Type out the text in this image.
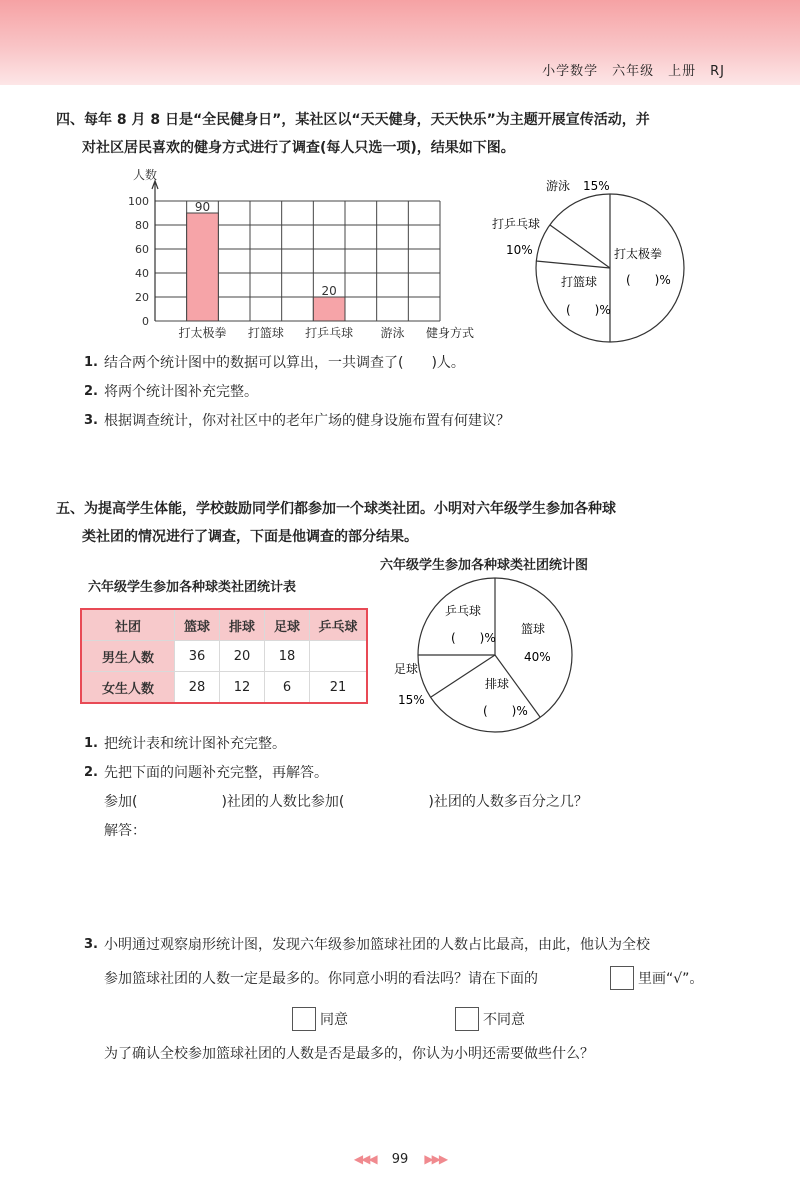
小学数学　六年级　上册　RJ
四、每年 8 月 8 日是“全民健身日”，某社区以“天天健身，天天快乐”为主题开展宣传活动，并
对社区居民喜欢的健身方式进行了调查(每人只选一项)，结果如下图。
0
20
40
60
80
100
人数
90
打太极拳 打篮球
20
打乒乓球 游泳 健身方式
游泳 15%
打乒乓球
10%
打篮球
(　　)%
打太极拳
(　　)%
1. 结合两个统计图中的数据可以算出，一共调查了(　　)人。
2. 将两个统计图补充完整。
3. 根据调查统计，你对社区中的老年广场的健身设施布置有何建议？
五、为提高学生体能，学校鼓励同学们都参加一个球类社团。小明对六年级学生参加各种球
类社团的情况进行了调查，下面是他调查的部分结果。
六年级学生参加各种球类社团统计图
六年级学生参加各种球类社团统计表
社团	篮球	排球	足球	乒乓球
男生人数	36	20	18	
女生人数	28	12	6	21
篮球
40%
排球
(　　)%
足球
15%
乒乓球
(　　)%
1. 把统计表和统计图补充完整。
2. 先把下面的问题补充完整，再解答。
参加(　　　　　　)社团的人数比参加(　　　　　　)社团的人数多百分之几？
解答：
3. 小明通过观察扇形统计图，发现六年级参加篮球社团的人数占比最高，由此，他认为全校
参加篮球社团的人数一定是最多的。你同意小明的看法吗？请在下面的	里画“√”。
同意	不同意
为了确认全校参加篮球社团的人数是否是最多的，你认为小明还需要做些什么？
◀◀◀ 99 ▶▶▶
